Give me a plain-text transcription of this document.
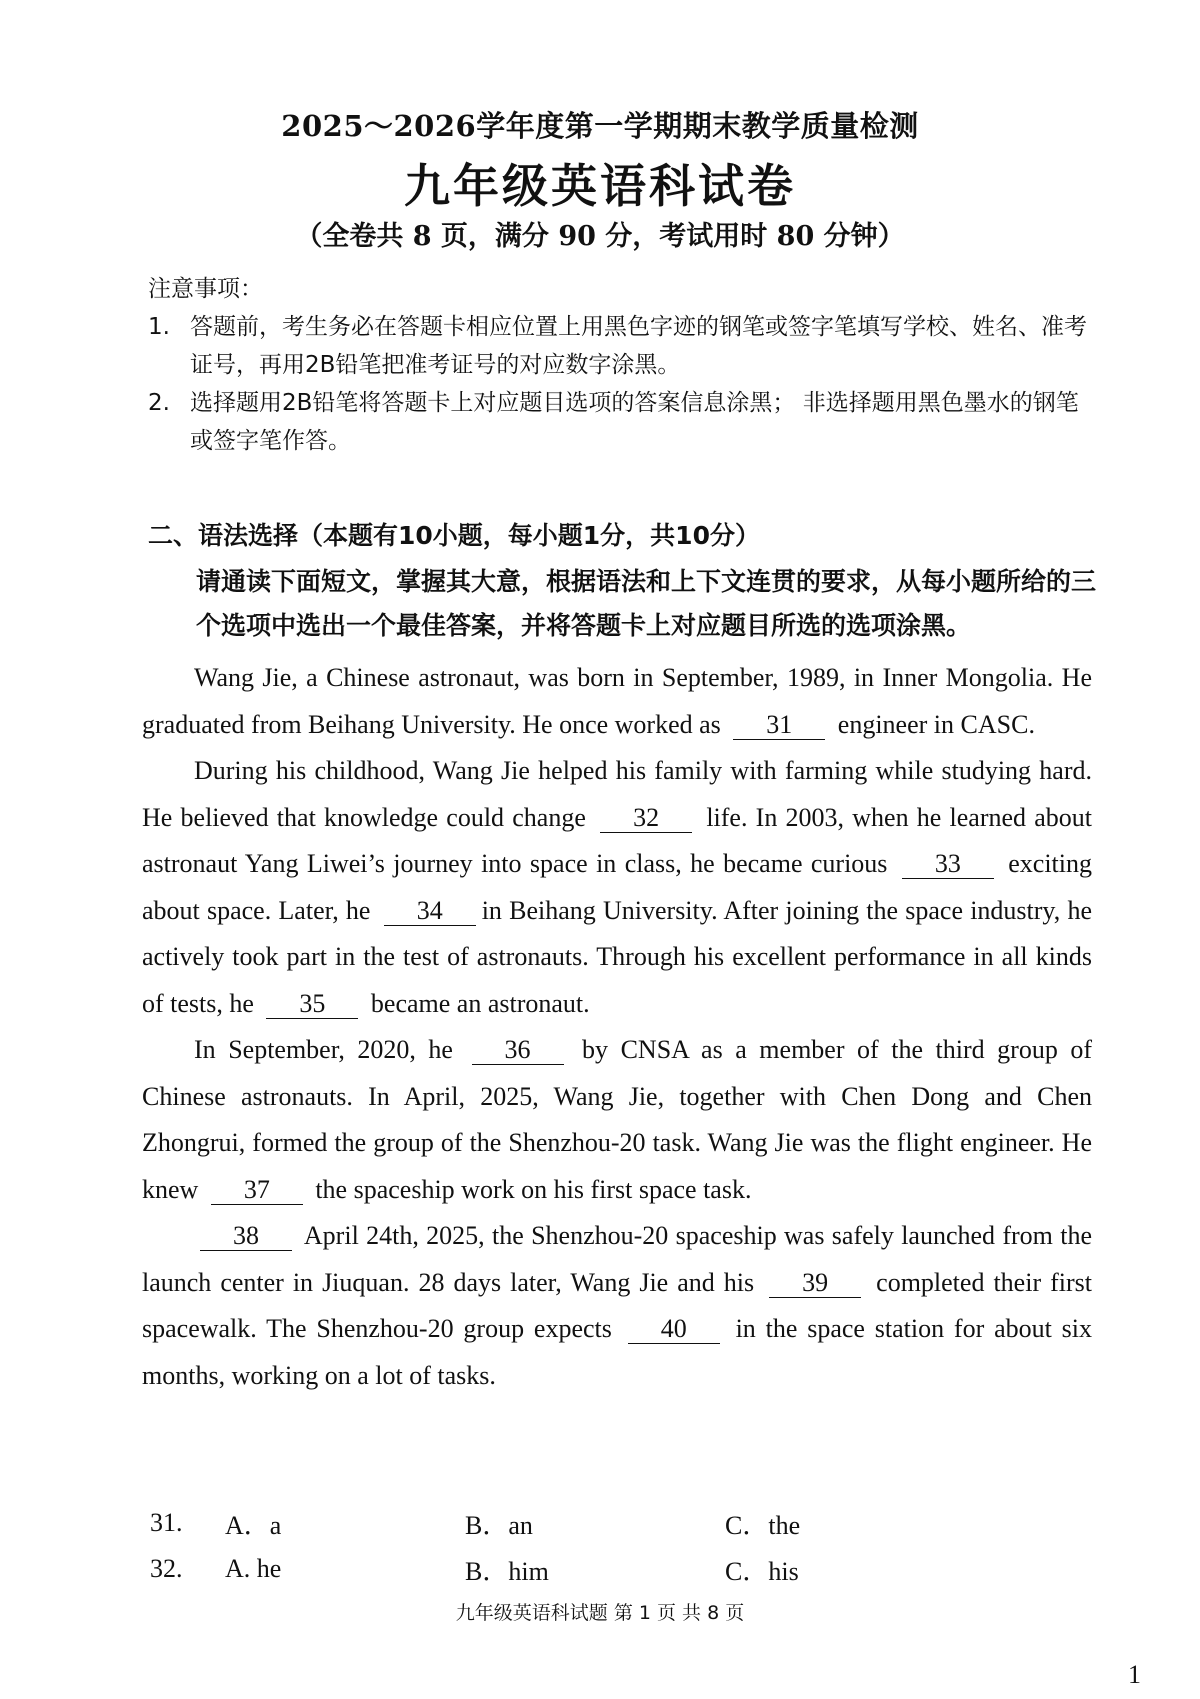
2025～2026学年度第一学期期末教学质量检测
九年级英语科试卷
（全卷共 8 页，满分 90 分，考试用时 80 分钟）
注意事项：
1. 答题前，考生务必在答题卡相应位置上用黑色字迹的钢笔或签字笔填写学校、姓名、准考证号，再用2B铅笔把准考证号的对应数字涂黑。
2. 选择题用2B铅笔将答题卡上对应题目选项的答案信息涂黑； 非选择题用黑色墨水的钢笔或签字笔作答。
二、语法选择（本题有10小题，每小题1分，共10分）
请通读下面短文，掌握其大意，根据语法和上下文连贯的要求，从每小题所给的三个选项中选出一个最佳答案，并将答题卡上对应题目所选的选项涂黑。

Wang Jie, a Chinese astronaut, was born in September, 1989, in Inner Mongolia. He graduated from Beihang University. He once worked as 31 engineer in CASC.

During his childhood, Wang Jie helped his family with farming while studying hard. He believed that knowledge could change 32 life. In 2003, when he learned about astronaut Yang Liwei’s journey into space in class, he became curious 33 exciting about space. Later, he 34 in Beihang University. After joining the space industry, he actively took part in the test of astronauts. Through his excellent performance in all kinds of tests, he 35 became an astronaut.

In September, 2020, he 36 by CNSA as a member of the third group of Chinese astronauts. In April, 2025, Wang Jie, together with Chen Dong and Chen Zhongrui, formed the group of the Shenzhou-20 task. Wang Jie was the flight engineer. He knew 37 the spaceship work on his first space task.

38 April 24th, 2025, the Shenzhou-20 spaceship was safely launched from the launch center in Jiuquan. 28 days later, Wang Jie and his 39 completed their first spacewalk. The Shenzhou-20 group expects 40 in the space station for about six months, working on a lot of tasks.

31.	A．a	B．an	C．the
32.	A. he	B．him	C．his
九年级英语科试题 第 1 页 共 8 页
1
